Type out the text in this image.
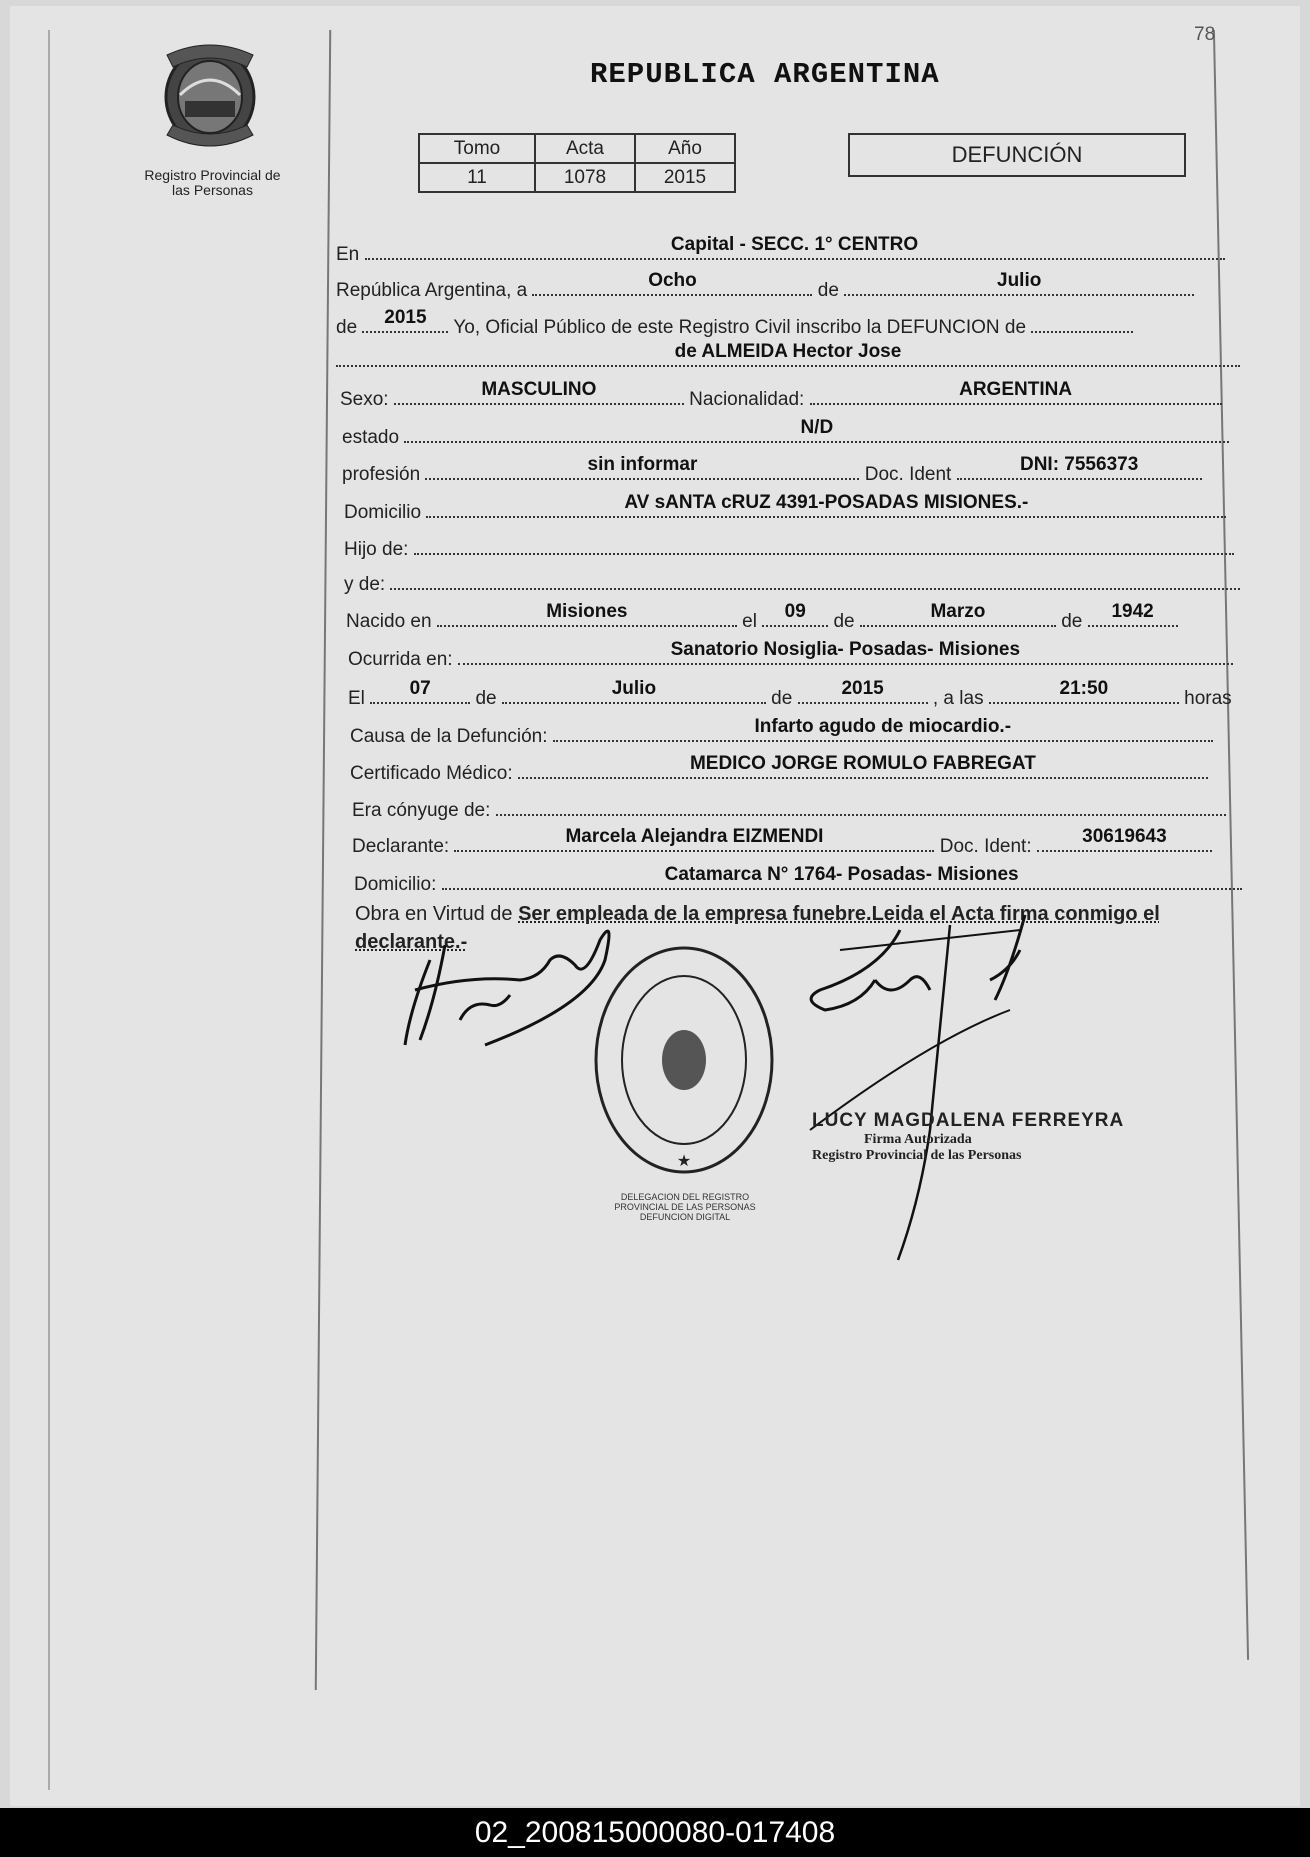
78
Registro Provincial de
las Personas
REPUBLICA ARGENTINA
Tomo	Acta	Año
11	1078	2015
DEFUNCIÓN
En	Capital - SECC. 1° CENTRO
República Argentina, a	Ocho	de	Julio
de	2015	Yo, Oficial Público de este Registro Civil inscribo la DEFUNCION de
de ALMEIDA Hector Jose
Sexo:	MASCULINO	Nacionalidad:	ARGENTINA
estado	N/D
profesión	sin informar	Doc. Ident	DNI: 7556373
Domicilio	AV sANTA cRUZ 4391-POSADAS MISIONES.-
Hijo de:
y de:
Nacido en	Misiones	el	09	de	Marzo	de	1942
Ocurrida en:	Sanatorio Nosiglia- Posadas- Misiones
El	07	de	Julio	de	2015	, a las	21:50	horas
Causa de la Defunción:	Infarto agudo de miocardio.-
Certificado Médico:	MEDICO JORGE ROMULO FABREGAT
Era cónyuge de:
Declarante:	Marcela Alejandra EIZMENDI	Doc. Ident:	30619643
Domicilio:	Catamarca N° 1764- Posadas- Misiones
Obra en Virtud de Ser empleada de la empresa funebre.Leida el Acta firma conmigo el declarante.-
★
DELEGACION DEL REGISTRO PROVINCIAL DE LAS PERSONAS
DEFUNCION DIGITAL
LUCY MAGDALENA FERREYRA
Firma Autorizada
Registro Provincial de las Personas
02_200815000080-017408
